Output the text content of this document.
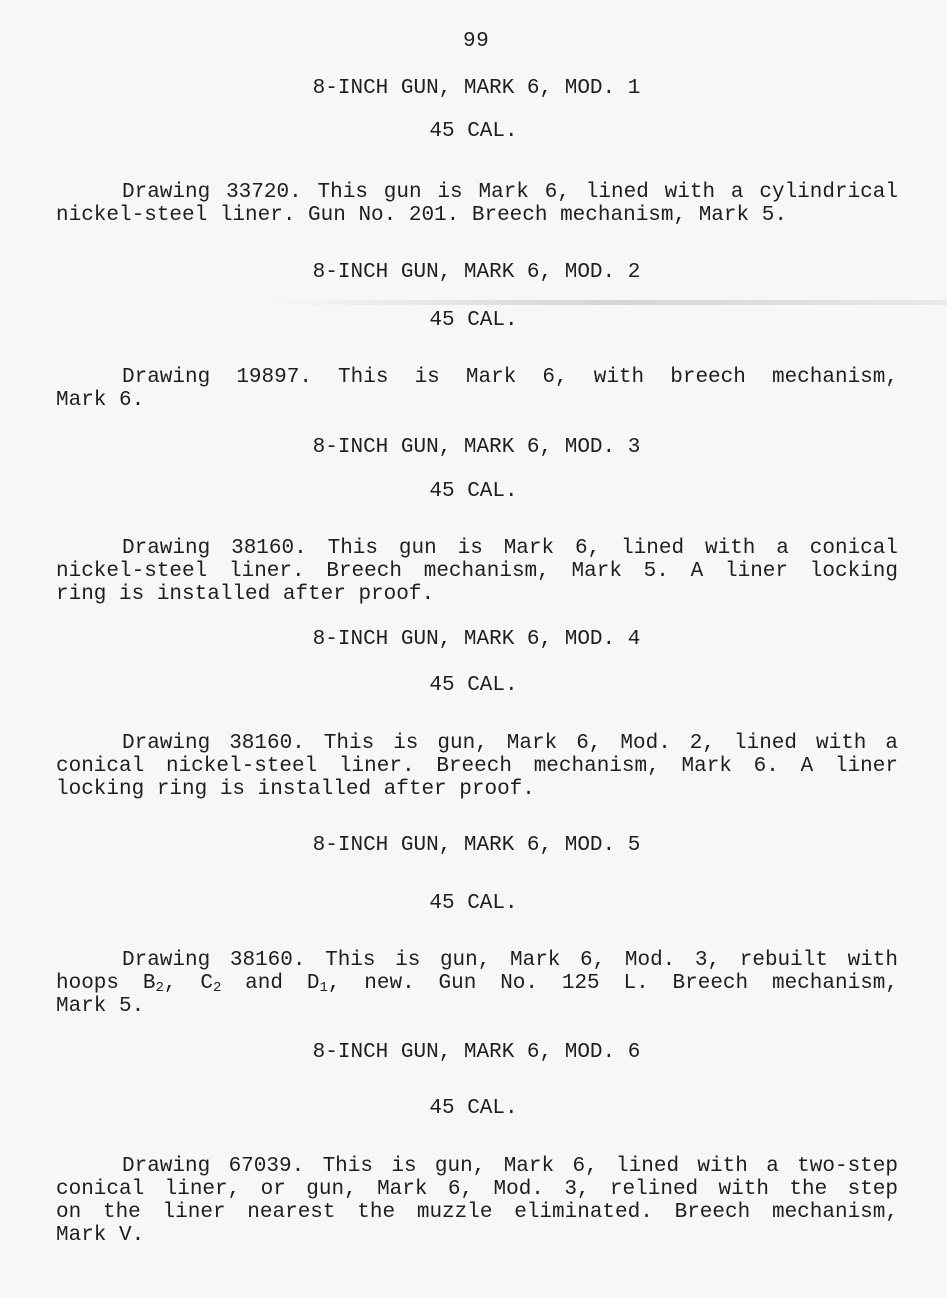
99
8-INCH GUN, MARK 6, MOD. 1
45 CAL.
Drawing 33720. This gun is Mark 6, lined with a cylindrical
nickel-steel liner. Gun No. 201. Breech mechanism, Mark 5.
8-INCH GUN, MARK 6, MOD. 2
45 CAL.
Drawing 19897. This is Mark 6, with breech mechanism,
Mark 6.
8-INCH GUN, MARK 6, MOD. 3
45 CAL.
Drawing 38160. This gun is Mark 6, lined with a conical
nickel-steel liner. Breech mechanism, Mark 5. A liner locking
ring is installed after proof.
8-INCH GUN, MARK 6, MOD. 4
45 CAL.
Drawing 38160. This is gun, Mark 6, Mod. 2, lined with a
conical nickel-steel liner. Breech mechanism, Mark 6. A liner
locking ring is installed after proof.
8-INCH GUN, MARK 6, MOD. 5
45 CAL.
Drawing 38160. This is gun, Mark 6, Mod. 3, rebuilt with
hoops $B_2$, $C_2$ and $D_1$, new. Gun No. 125 L. Breech mechanism,
Mark 5.
8-INCH GUN, MARK 6, MOD. 6
45 CAL.
Drawing 67039. This is gun, Mark 6, lined with a two-step
conical liner, or gun, Mark 6, Mod. 3, relined with the step
on the liner nearest the muzzle eliminated. Breech mechanism,
Mark V.
